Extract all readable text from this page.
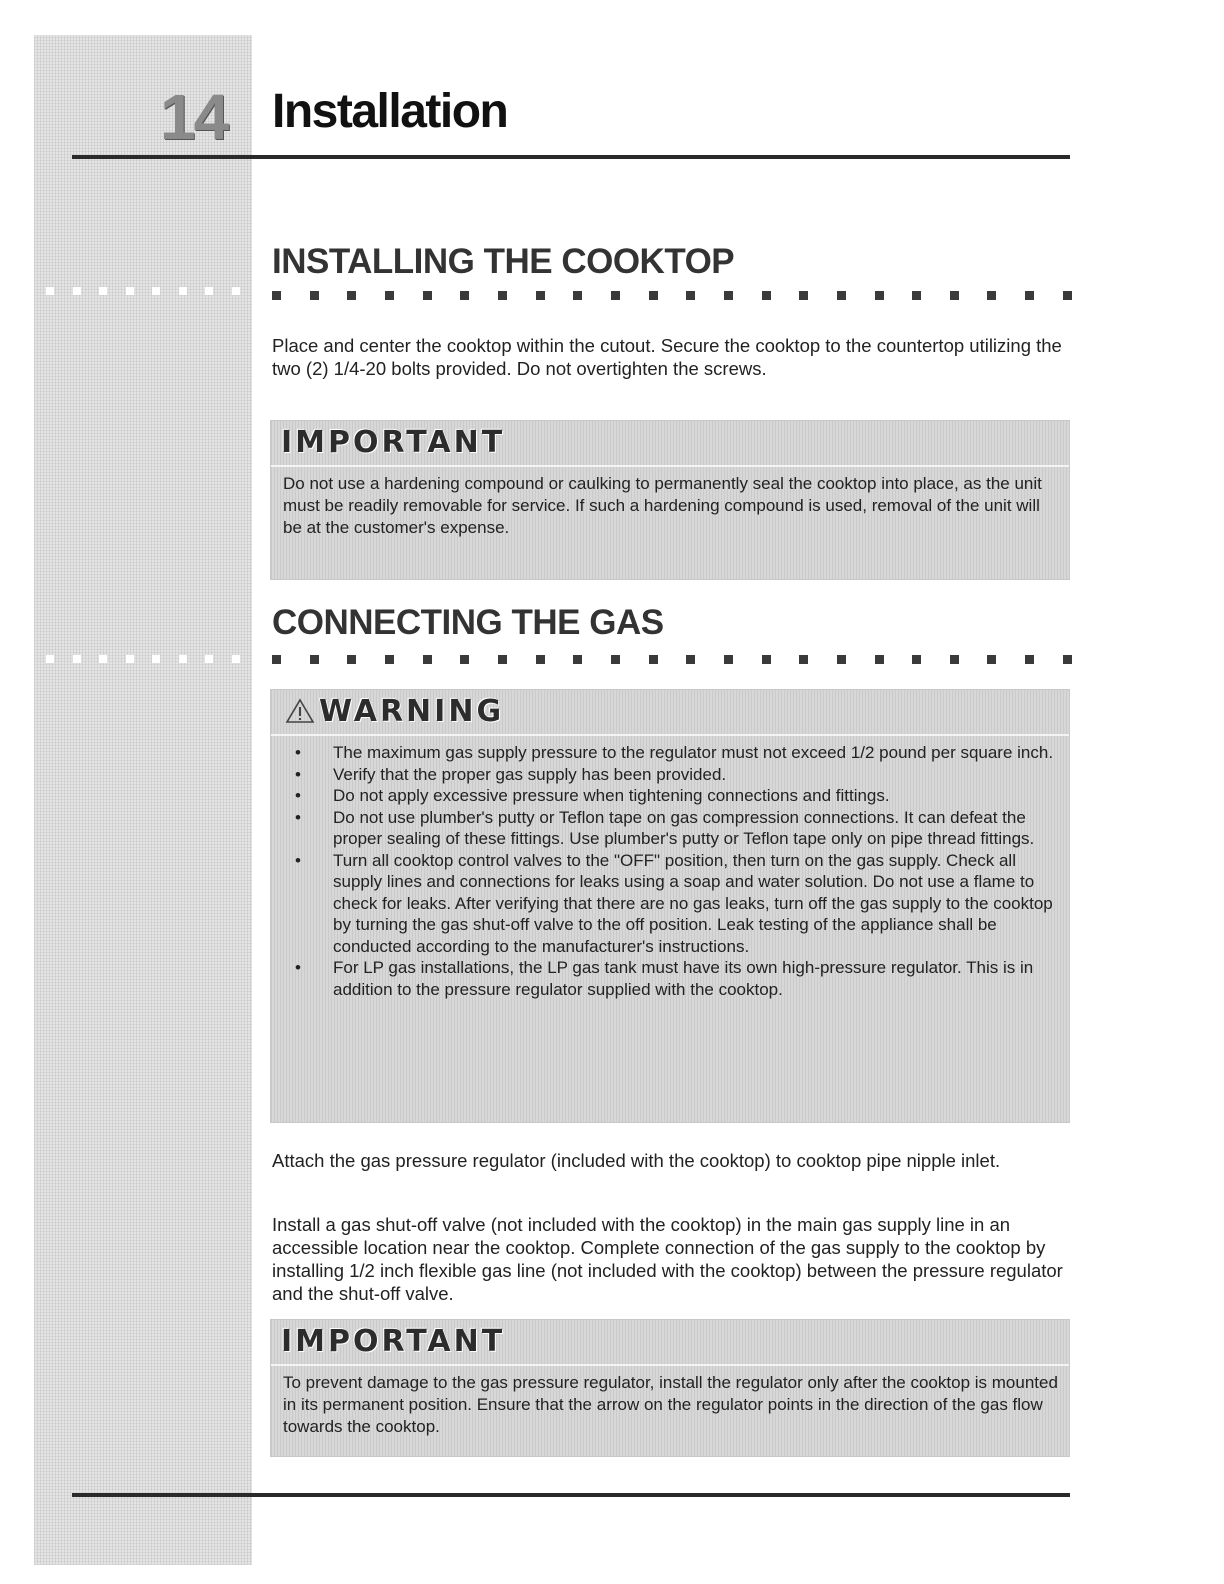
14 Installation
INSTALLING THE COOKTOP

Place and center the cooktop within the cutout. Secure the cooktop to the countertop utilizing the two (2) 1/4-20 bolts provided. Do not overtighten the screws.

IMPORTANT
Do not use a hardening compound or caulking to permanently seal the cooktop into place, as the unit must be readily removable for service. If such a hardening compound is used, removal of the unit will be at the customer's expense.
CONNECTING THE GAS
WARNING
• The maximum gas supply pressure to the regulator must not exceed 1/2 pound per square inch.
• Verify that the proper gas supply has been provided.
• Do not apply excessive pressure when tightening connections and fittings.
• Do not use plumber's putty or Teflon tape on gas compression connections. It can defeat the proper sealing of these fittings. Use plumber's putty or Teflon tape only on pipe thread fittings.
• Turn all cooktop control valves to the "OFF" position, then turn on the gas supply. Check all supply lines and connections for leaks using a soap and water solution. Do not use a flame to check for leaks. After verifying that there are no gas leaks, turn off the gas supply to the cooktop by turning the gas shut-off valve to the off position. Leak testing of the appliance shall be conducted according to the manufacturer's instructions.
• For LP gas installations, the LP gas tank must have its own high-pressure regulator. This is in addition to the pressure regulator supplied with the cooktop.

Attach the gas pressure regulator (included with the cooktop) to cooktop pipe nipple inlet.

Install a gas shut-off valve (not included with the cooktop) in the main gas supply line in an accessible location near the cooktop. Complete connection of the gas supply to the cooktop by installing 1/2 inch flexible gas line (not included with the cooktop) between the pressure regulator and the shut-off valve.

IMPORTANT
To prevent damage to the gas pressure regulator, install the regulator only after the cooktop is mounted in its permanent position. Ensure that the arrow on the regulator points in the direction of the gas flow towards the cooktop.
